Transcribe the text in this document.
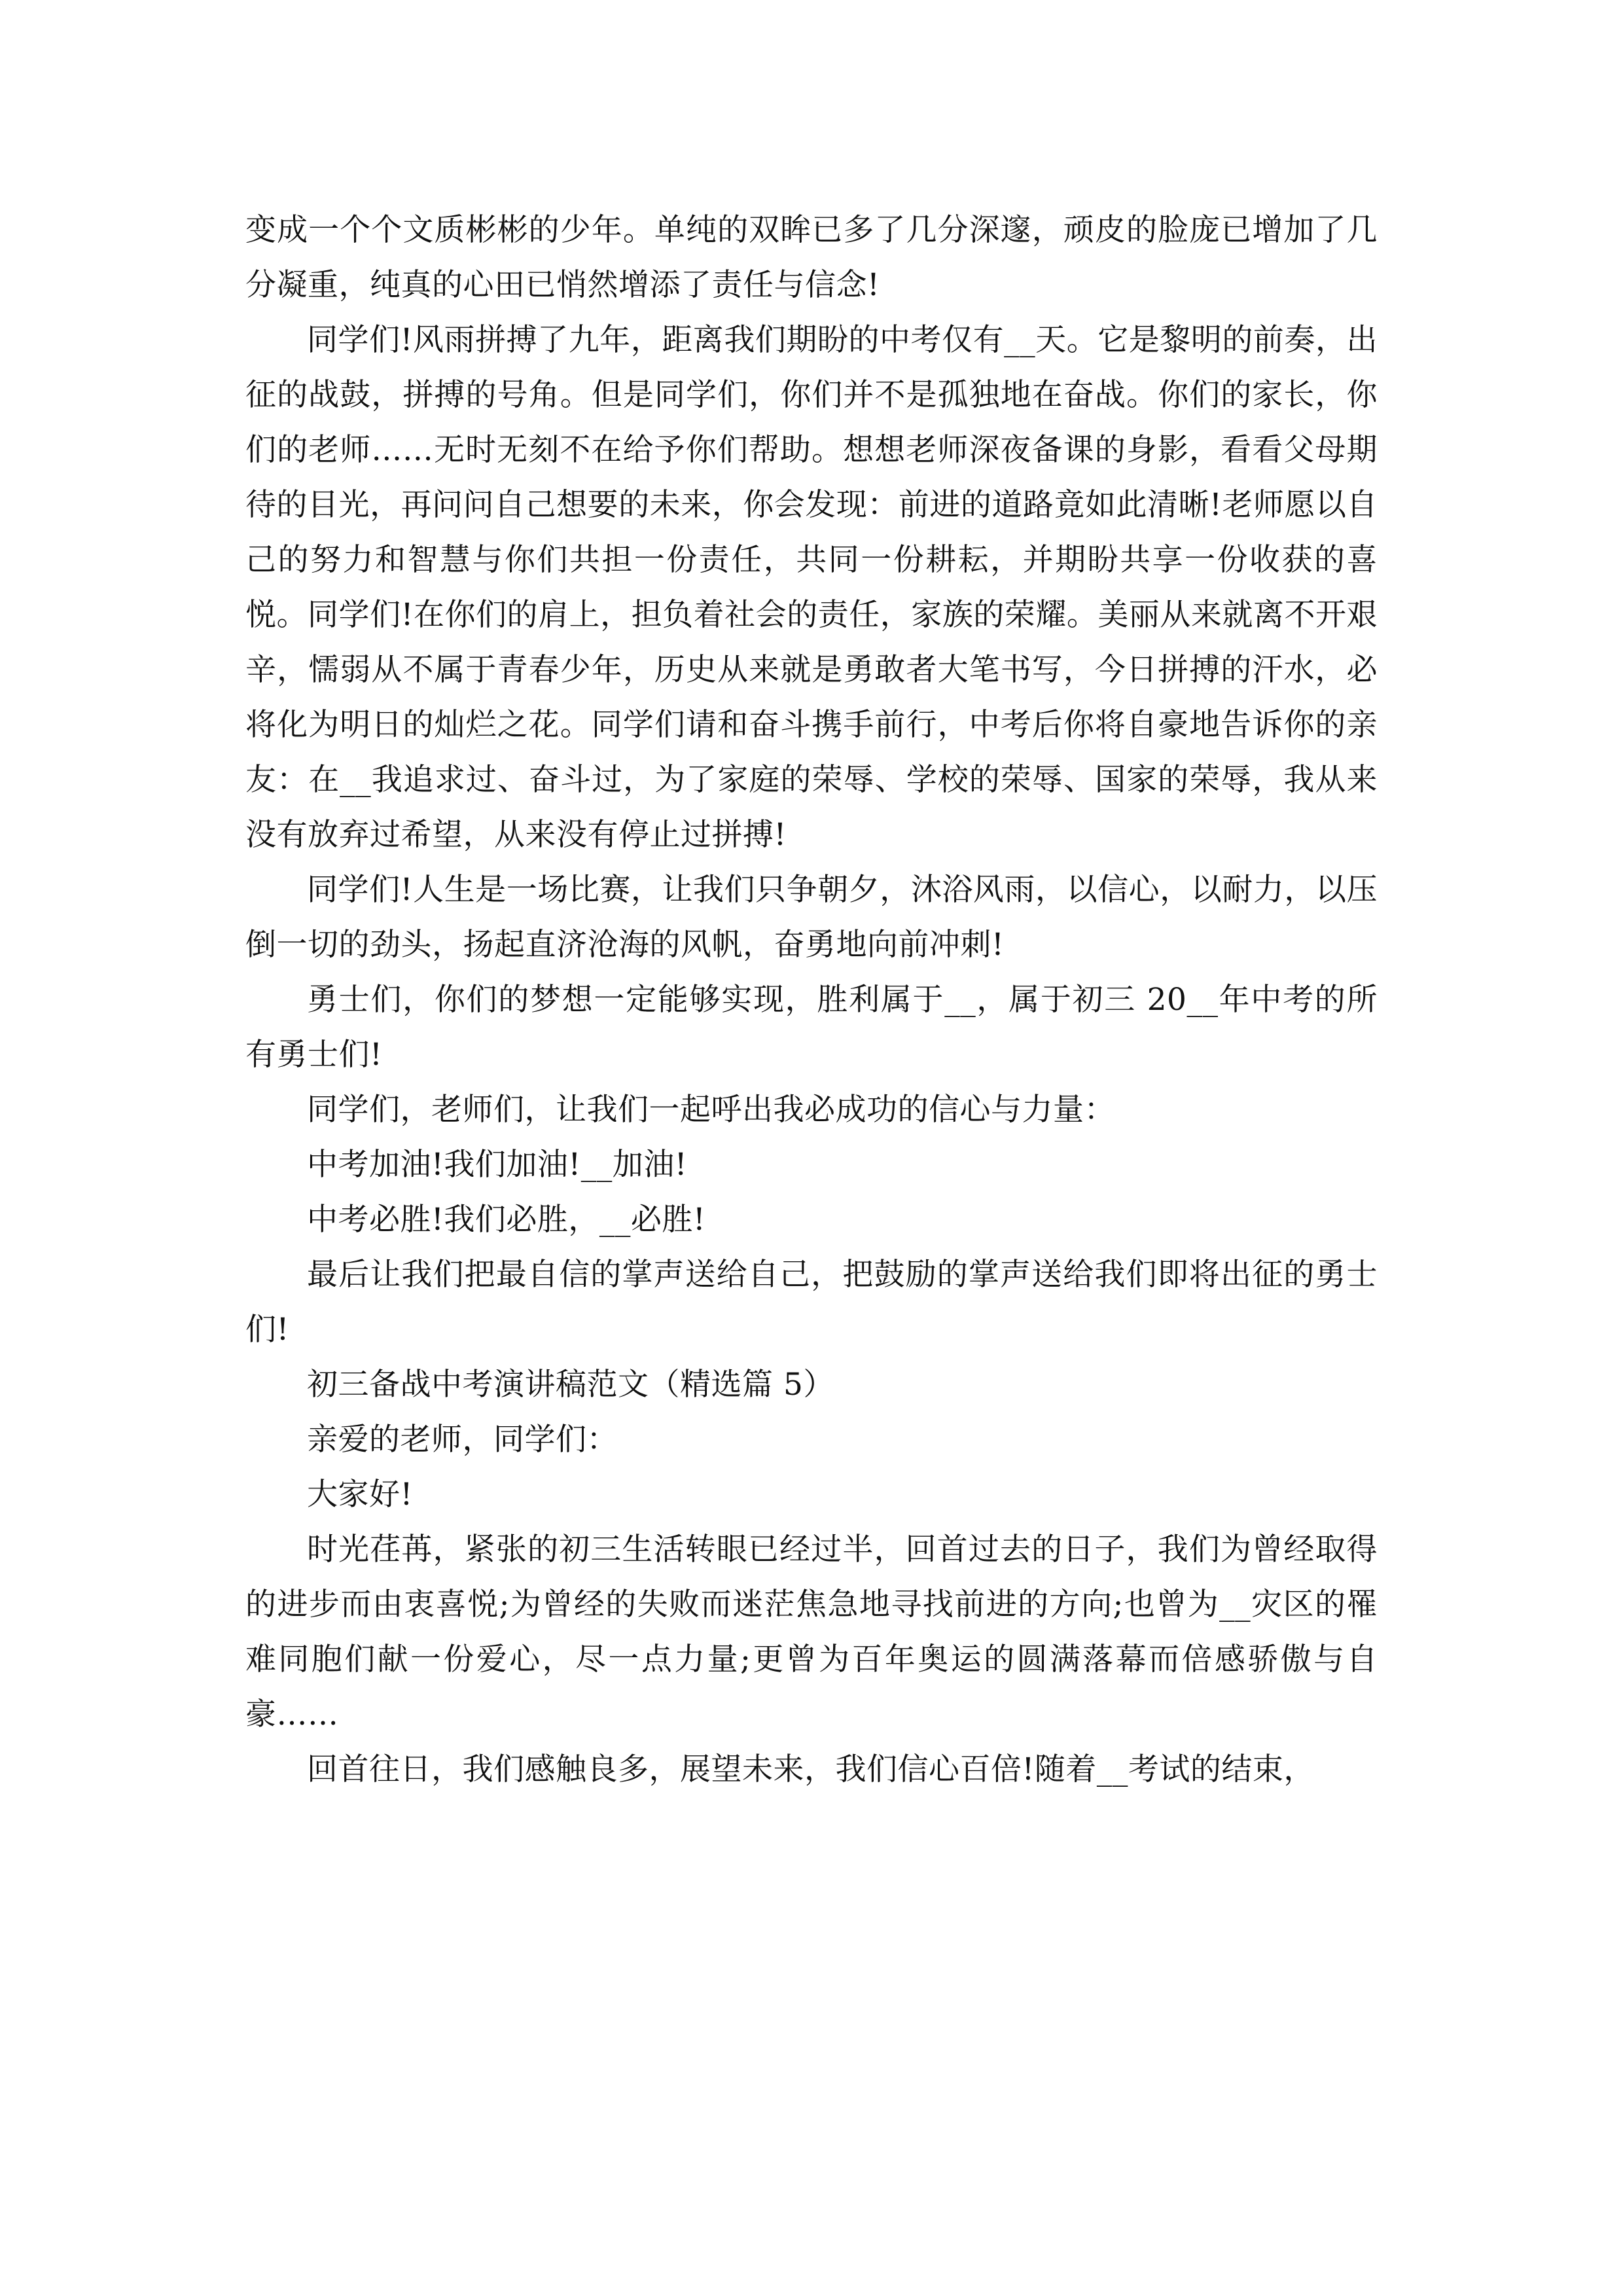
变成一个个文质彬彬的少年。单纯的双眸已多了几分深邃，顽皮的脸庞已增加了几分凝重，纯真的心田已悄然增添了责任与信念!

同学们!风雨拼搏了九年，距离我们期盼的中考仅有__天。它是黎明的前奏，出征的战鼓，拼搏的号角。但是同学们，你们并不是孤独地在奋战。你们的家长，你们的老师……无时无刻不在给予你们帮助。想想老师深夜备课的身影，看看父母期待的目光，再问问自己想要的未来，你会发现：前进的道路竟如此清晰!老师愿以自己的努力和智慧与你们共担一份责任，共同一份耕耘，并期盼共享一份收获的喜悦。同学们!在你们的肩上，担负着社会的责任，家族的荣耀。美丽从来就离不开艰辛，懦弱从不属于青春少年，历史从来就是勇敢者大笔书写，今日拼搏的汗水，必将化为明日的灿烂之花。同学们请和奋斗携手前行，中考后你将自豪地告诉你的亲友：在__我追求过、奋斗过，为了家庭的荣辱、学校的荣辱、国家的荣辱，我从来没有放弃过希望，从来没有停止过拼搏!

同学们!人生是一场比赛，让我们只争朝夕，沐浴风雨，以信心，以耐力，以压倒一切的劲头，扬起直济沧海的风帆，奋勇地向前冲刺!

勇士们，你们的梦想一定能够实现，胜利属于__，属于初三 20__年中考的所有勇士们!

同学们，老师们，让我们一起呼出我必成功的信心与力量：

中考加油!我们加油!__加油!

中考必胜!我们必胜，__必胜!

最后让我们把最自信的掌声送给自己，把鼓励的掌声送给我们即将出征的勇士们!

初三备战中考演讲稿范文（精选篇 5）

亲爱的老师，同学们：

大家好!

时光荏苒，紧张的初三生活转眼已经过半，回首过去的日子，我们为曾经取得的进步而由衷喜悦;为曾经的失败而迷茫焦急地寻找前进的方向;也曾为__灾区的罹难同胞们献一份爱心，尽一点力量;更曾为百年奥运的圆满落幕而倍感骄傲与自豪……

回首往日，我们感触良多，展望未来，我们信心百倍!随着__考试的结束，
